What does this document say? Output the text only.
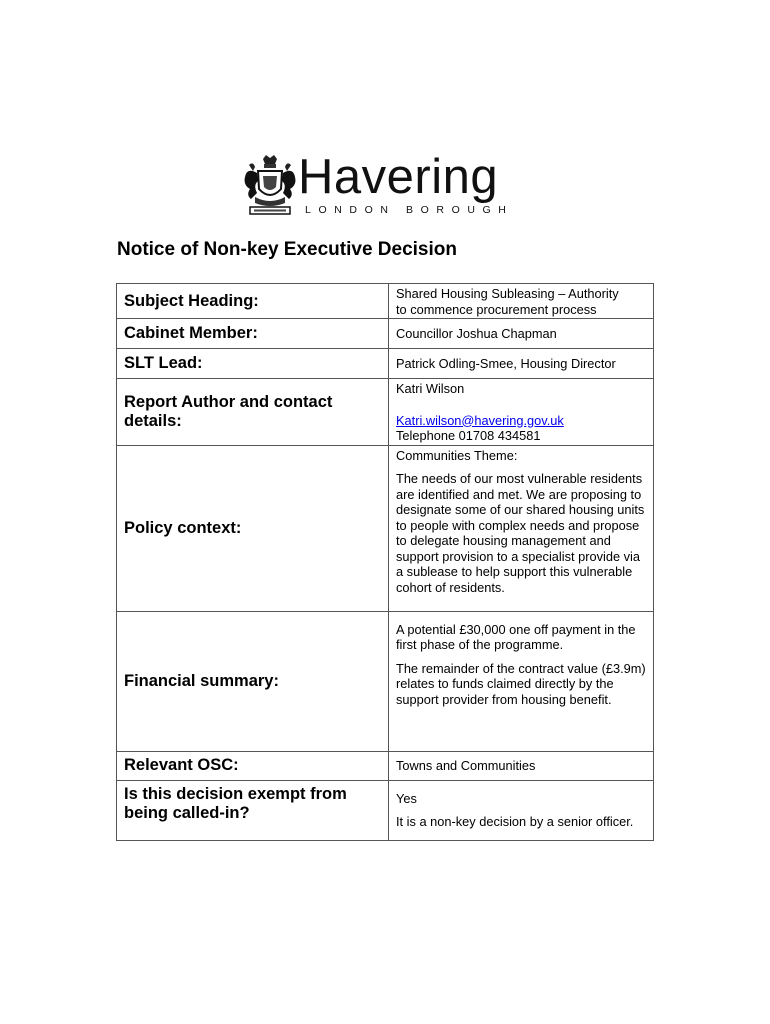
Havering
LONDON BOROUGH
Notice of Non-key Executive Decision
Subject Heading:	Shared Housing Subleasing – Authority

to commence procurement process

Cabinet Member:	Councillor Joshua Chapman
SLT Lead:	Patrick Odling-Smee, Housing Director
Report Author and contact details:	Katri Wilson

Katri.wilson@havering.gov.uk

Telephone 01708 434581

Policy context:	Communities Theme:

The needs of our most vulnerable residents are identified and met. We are proposing to designate some of our shared housing units to people with complex needs and propose to delegate housing management and support provision to a specialist provide via a sublease to help support this vulnerable cohort of residents.

Financial summary:	A potential £30,000 one off payment in the first phase of the programme.

The remainder of the contract value (£3.9m) relates to funds claimed directly by the support provider from housing benefit.

Relevant OSC:	Towns and Communities
Is this decision exempt from being called-in?	Yes

It is a non-key decision by a senior officer.
